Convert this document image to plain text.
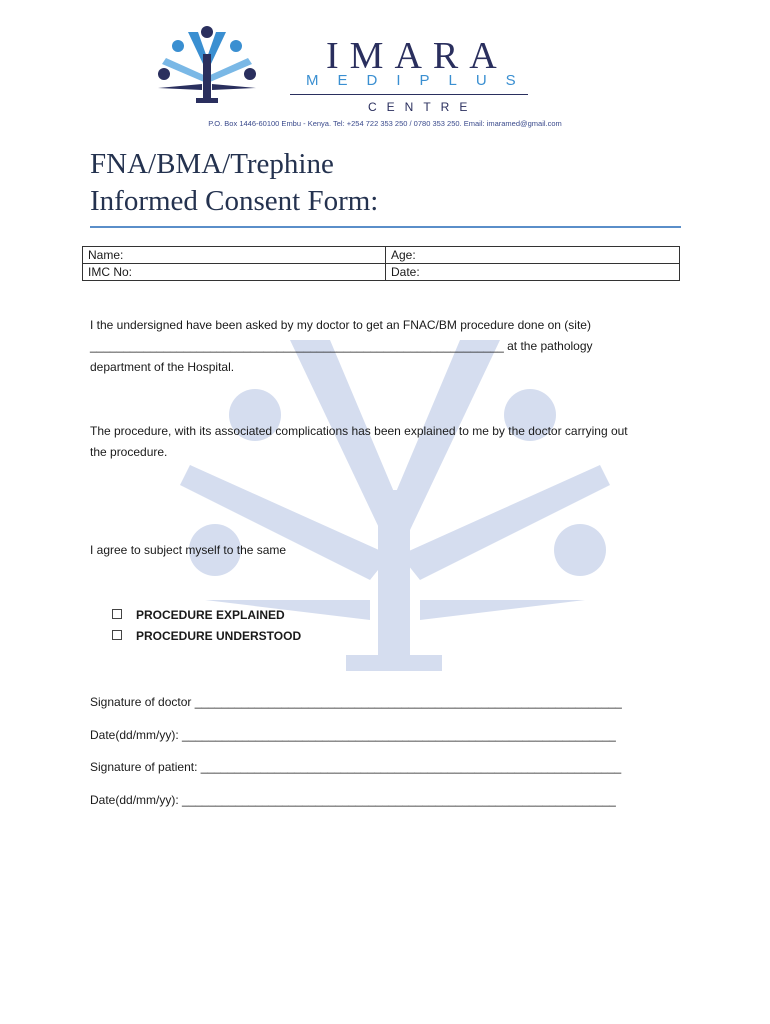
IMARA
MEDIPLUS
CENTRE
P.O. Box 1446-60100 Embu - Kenya. Tel: +254 722 353 250 / 0780 353 250. Email: imaramed@gmail.com
FNA/BMA/Trephine
Informed Consent Form:
Name:	Age:
IMC No:	Date:
I the undersigned have been asked by my doctor to get an FNAC/BM procedure done on (site)
______________________________________________________________ at the pathology
department of the Hospital.
The procedure, with its associated complications has been explained to me by the doctor carrying out
the procedure.
I agree to subject myself to the same
PROCEDURE EXPLAINED
PROCEDURE UNDERSTOOD
Signature of doctor ________________________________________________________________
Date(dd/mm/yy): _________________________________________________________________
Signature of patient: _______________________________________________________________
Date(dd/mm/yy): _________________________________________________________________
